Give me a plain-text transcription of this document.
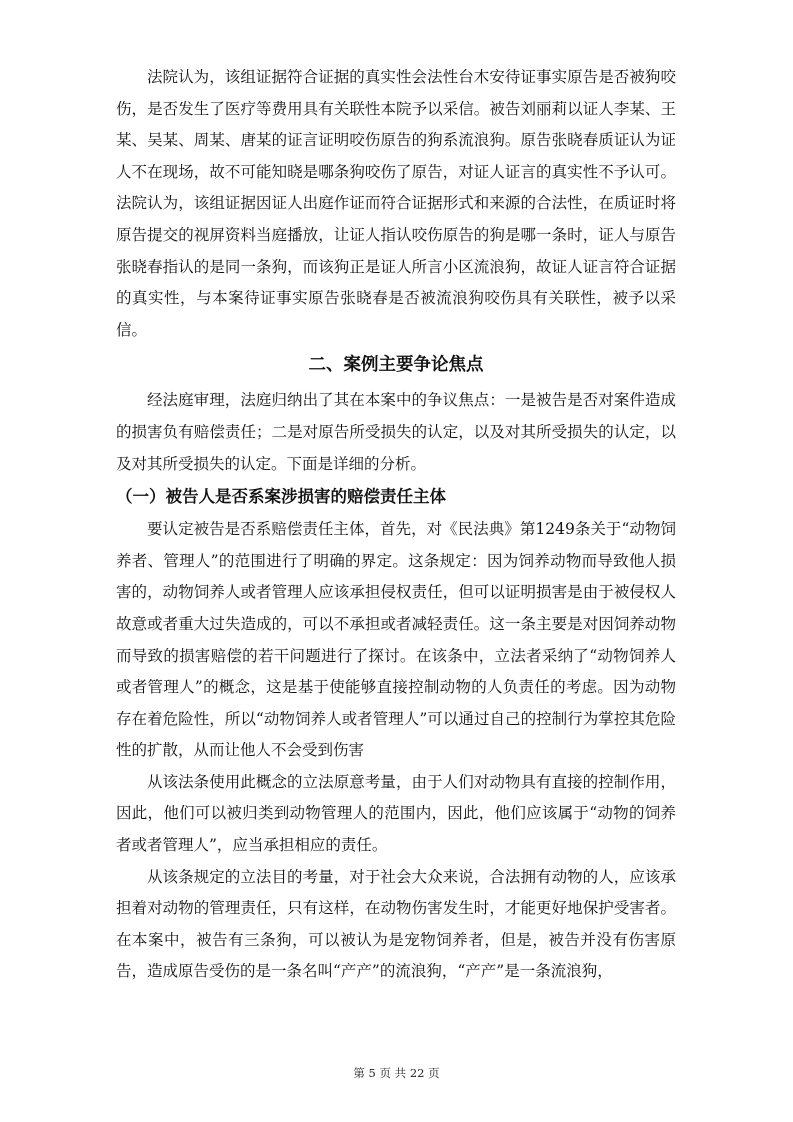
法院认为，该组证据符合证据的真实性会法性台木安待证事实原告是否被狗咬伤，是否发生了医疗等费用具有关联性本院予以采信。被告刘丽莉以证人李某、王某、吴某、周某、唐某的证言证明咬伤原告的狗系流浪狗。原告张晓春质证认为证人不在现场，故不可能知晓是哪条狗咬伤了原告，对证人证言的真实性不予认可。法院认为，该组证据因证人出庭作证而符合证据形式和来源的合法性，在质证时将原告提交的视屏资料当庭播放，让证人指认咬伤原告的狗是哪一条时，证人与原告张晓春指认的是同一条狗，而该狗正是证人所言小区流浪狗，故证人证言符合证据的真实性，与本案待证事实原告张晓春是否被流浪狗咬伤具有关联性，被予以采信。

二、案例主要争论焦点

经法庭审理，法庭归纳出了其在本案中的争议焦点：一是被告是否对案件造成的损害负有赔偿责任；二是对原告所受损失的认定，以及对其所受损失的认定，以及对其所受损失的认定。下面是详细的分析。

（一）被告人是否系案涉损害的赔偿责任主体

要认定被告是否系赔偿责任主体，首先，对《民法典》第1249条关于“动物饲养者、管理人”的范围进行了明确的界定。这条规定：因为饲养动物而导致他人损害的，动物饲养人或者管理人应该承担侵权责任，但可以证明损害是由于被侵权人故意或者重大过失造成的，可以不承担或者减轻责任。这一条主要是对因饲养动物而导致的损害赔偿的若干问题进行了探讨。在该条中，立法者采纳了“动物饲养人或者管理人”的概念，这是基于使能够直接控制动物的人负责任的考虑。因为动物存在着危险性，所以“动物饲养人或者管理人”可以通过自己的控制行为掌控其危险性的扩散，从而让他人不会受到伤害

从该法条使用此概念的立法原意考量，由于人们对动物具有直接的控制作用，因此，他们可以被归类到动物管理人的范围内，因此，他们应该属于“动物的饲养者或者管理人”，应当承担相应的责任。

从该条规定的立法目的考量，对于社会大众来说，合法拥有动物的人，应该承担着对动物的管理责任，只有这样，在动物伤害发生时，才能更好地保护受害者。在本案中，被告有三条狗，可以被认为是宠物饲养者，但是，被告并没有伤害原告，造成原告受伤的是一条名叫“产产”的流浪狗，“产产”是一条流浪狗，

第 5 页 共 22 页
